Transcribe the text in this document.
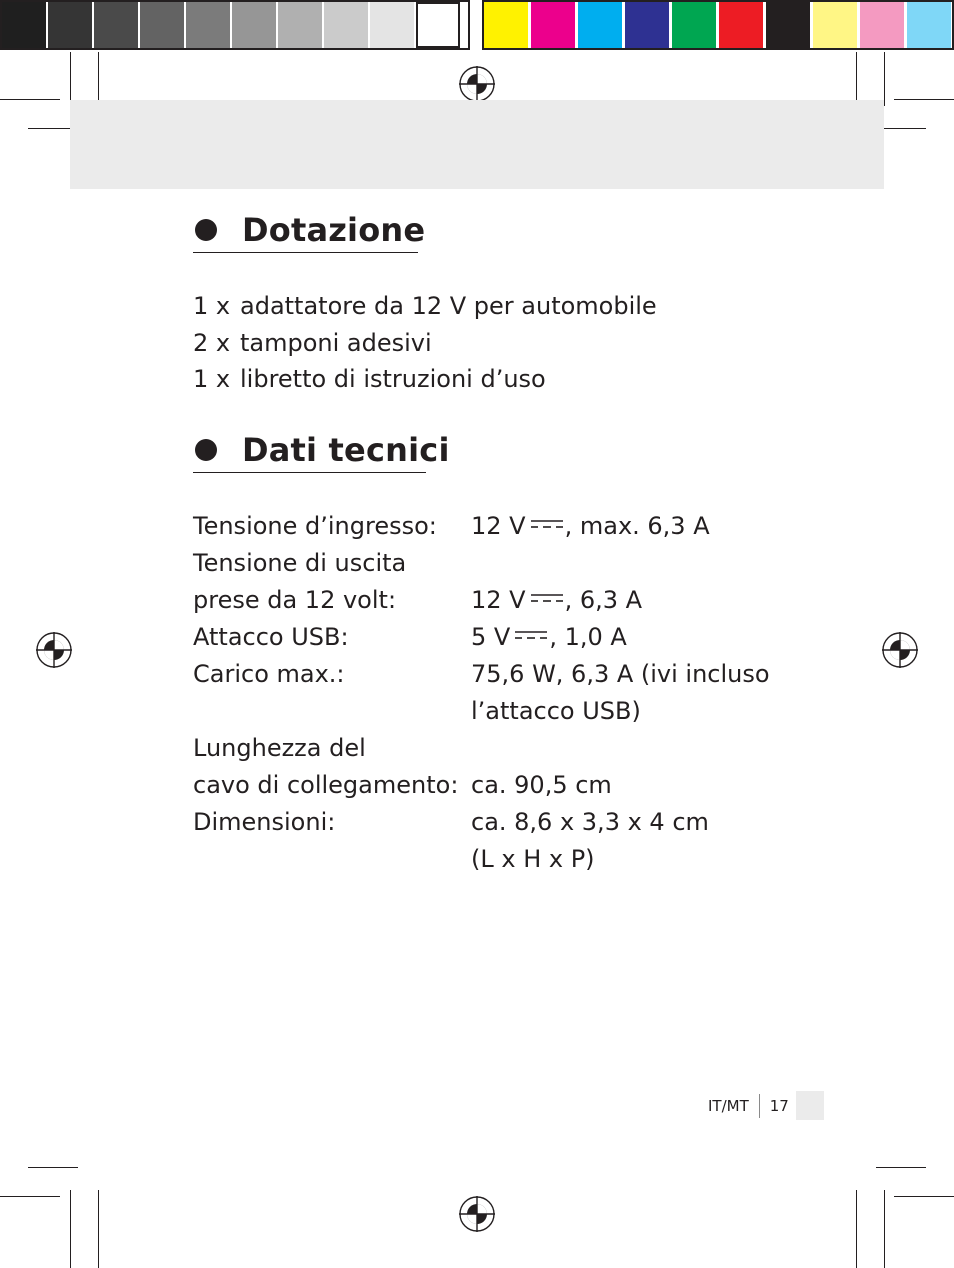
Dotazione
1 x adattatore da 12 V per automobile
2 x tamponi adesivi
1 x libretto di istruzioni d’uso
Dati tecnici
Tensione d’ingresso:	12 V , max. 6,3 A
Tensione di uscita
prese da 12 volt:	12 V , 6,3 A
Attacco USB:	5 V , 1,0 A
Carico max.:	75,6 W, 6,3 A (ivi incluso
l’attacco USB)
Lunghezza del
cavo di collegamento: ca. 90,5 cm
Dimensioni:	ca. 8,6 x 3,3 x 4 cm
(L x H x P)
IT/MT 17
